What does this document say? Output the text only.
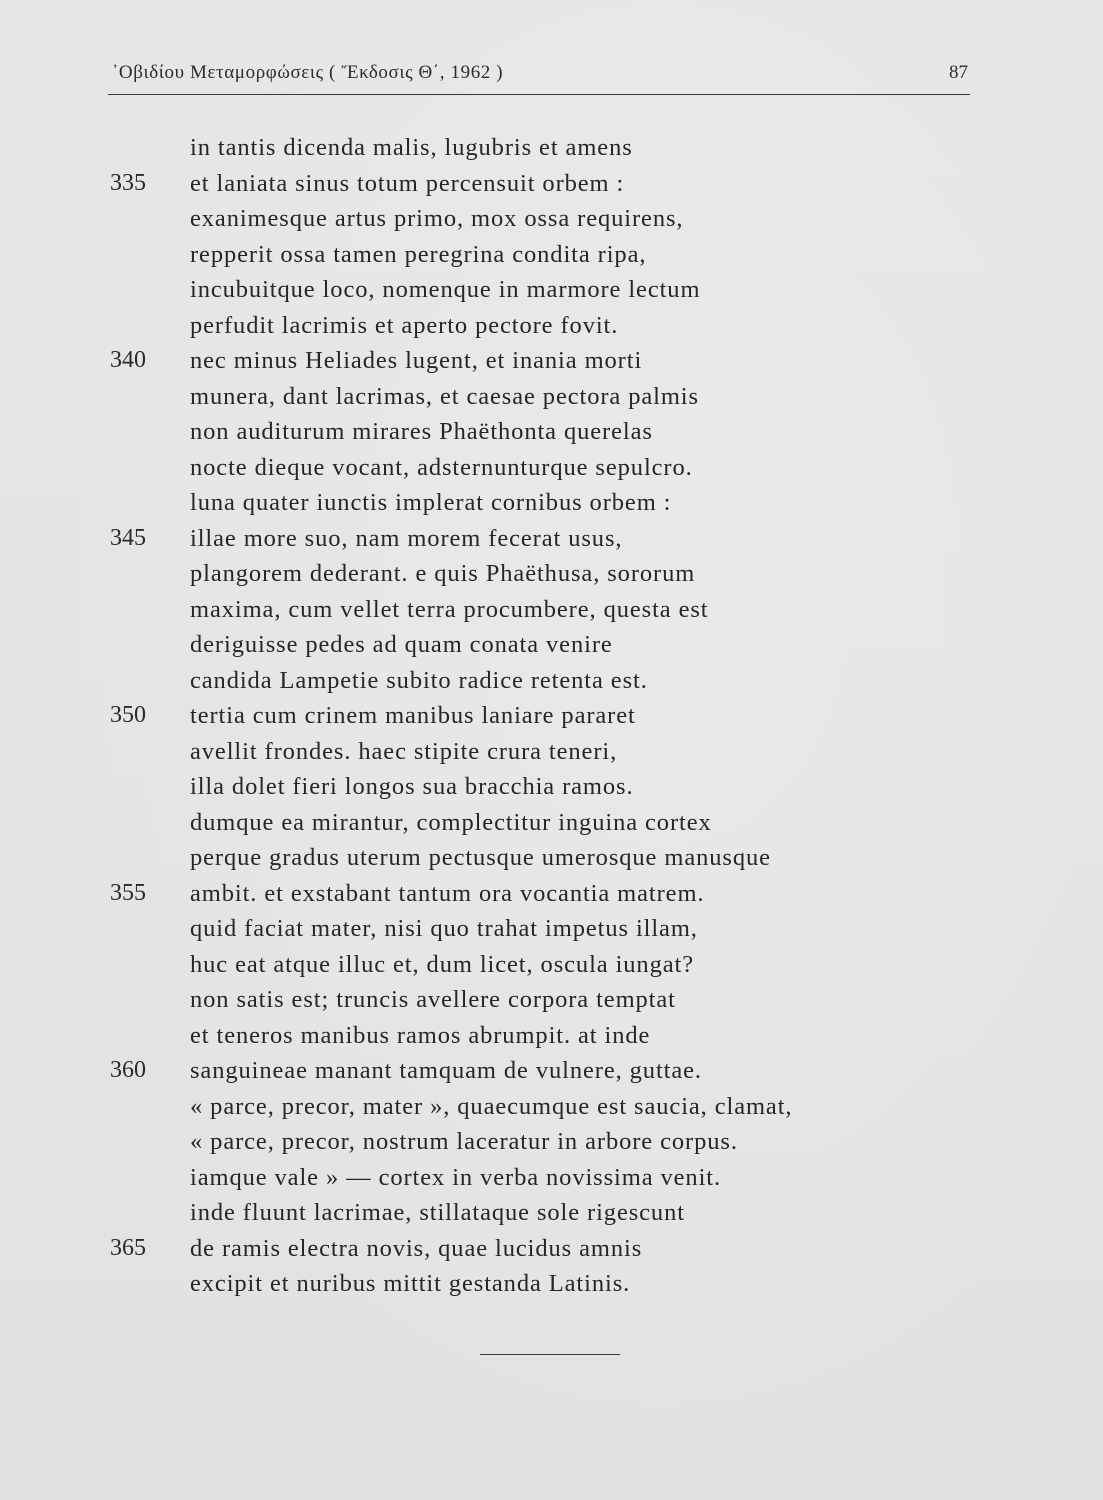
᾿Οβιδίου Μεταμορφώσεις ( Ἔκδοσις Θ΄, 1962 )	87
in tantis dicenda malis, lugubris et amens
335	et laniata sinus totum percensuit orbem :
exanimesque artus primo, mox ossa requirens,
repperit ossa tamen peregrina condita ripa,
incubuitque loco, nomenque in marmore lectum
perfudit lacrimis et aperto pectore fovit.
340	nec minus Heliades lugent, et inania morti
munera, dant lacrimas, et caesae pectora palmis
non auditurum mirares Phaëthonta querelas
nocte dieque vocant, adsternunturque sepulcro.
luna quater iunctis implerat cornibus orbem :
345	illae more suo, nam morem fecerat usus,
plangorem dederant. e quis Phaëthusa, sororum
maxima, cum vellet terra procumbere, questa est
deriguisse pedes ad quam conata venire
candida Lampetie subito radice retenta est.
350	tertia cum crinem manibus laniare pararet
avellit frondes. haec stipite crura teneri,
illa dolet fieri longos sua bracchia ramos.
dumque ea mirantur, complectitur inguina cortex
perque gradus uterum pectusque umerosque manusque
355	ambit. et exstabant tantum ora vocantia matrem.
quid faciat mater, nisi quo trahat impetus illam,
huc eat atque illuc et, dum licet, oscula iungat?
non satis est; truncis avellere corpora temptat
et teneros manibus ramos abrumpit. at inde
360	sanguineae manant tamquam de vulnere, guttae.
« parce, precor, mater », quaecumque est saucia, clamat,
« parce, precor, nostrum laceratur in arbore corpus.
iamque vale » — cortex in verba novissima venit.
inde fluunt lacrimae, stillataque sole rigescunt
365	de ramis electra novis, quae lucidus amnis
excipit et nuribus mittit gestanda Latinis.
